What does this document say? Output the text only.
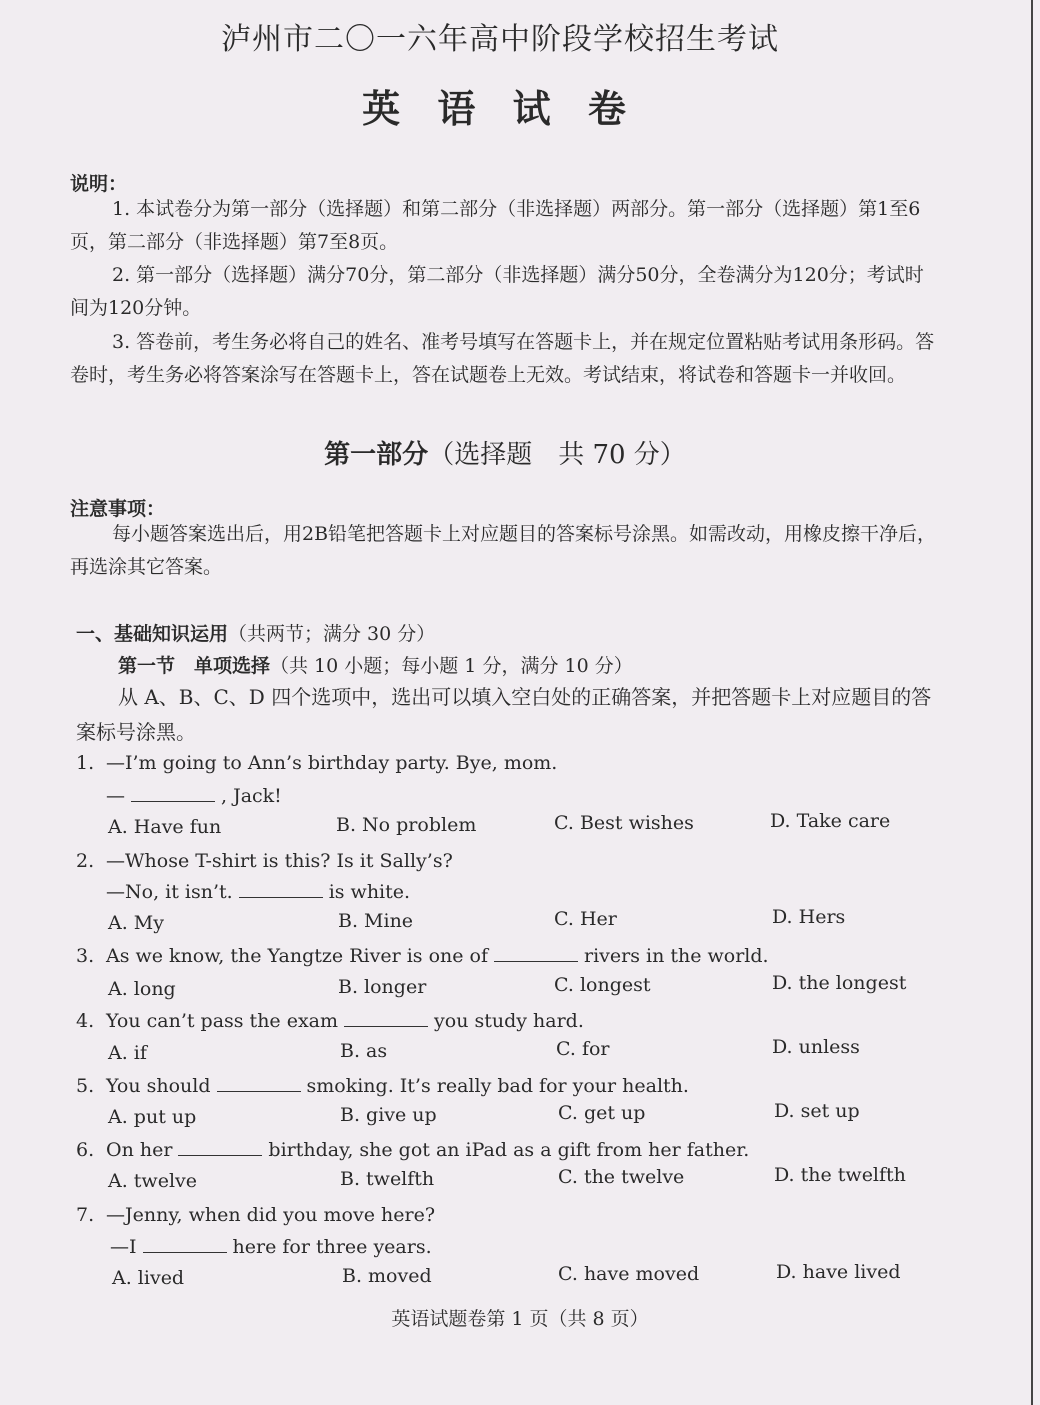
泸州市二〇一六年高中阶段学校招生考试
英 语 试 卷
说明：
1. 本试卷分为第一部分（选择题）和第二部分（非选择题）两部分。第一部分（选择题）第1至6页，第二部分（非选择题）第7至8页。
2. 第一部分（选择题）满分70分，第二部分（非选择题）满分50分，全卷满分为120分；考试时间为120分钟。
3. 答卷前，考生务必将自己的姓名、准考号填写在答题卡上，并在规定位置粘贴考试用条形码。答卷时，考生务必将答案涂写在答题卡上，答在试题卷上无效。考试结束，将试卷和答题卡一并收回。
第一部分（选择题　共 70 分）
注意事项：
每小题答案选出后，用2B铅笔把答题卡上对应题目的答案标号涂黑。如需改动，用橡皮擦干净后，再选涂其它答案。
一、基础知识运用（共两节；满分 30 分）
第一节　单项选择（共 10 小题；每小题 1 分，满分 10 分）
从 A、B、C、D 四个选项中，选出可以填入空白处的正确答案，并把答题卡上对应题目的答案标号涂黑。
1. —I’m going to Ann’s birthday party. Bye, mom.
—	, Jack!
A. Have fun	B. No problem	C. Best wishes	D. Take care
2. —Whose T-shirt is this? Is it Sally’s?
—No, it isn’t.	is white.
A. My	B. Mine	C. Her	D. Hers
3. As we know, the Yangtze River is one of	rivers in the world.
A. long	B. longer	C. longest	D. the longest
4. You can’t pass the exam	you study hard.
A. if	B. as	C. for	D. unless
5. You should	smoking. It’s really bad for your health.
A. put up	B. give up	C. get up	D. set up
6. On her	birthday, she got an iPad as a gift from her father.
A. twelve	B. twelfth	C. the twelve	D. the twelfth
7. —Jenny, when did you move here?
—I	here for three years.
A. lived	B. moved	C. have moved	D. have lived
英语试题卷第 1 页（共 8 页）
